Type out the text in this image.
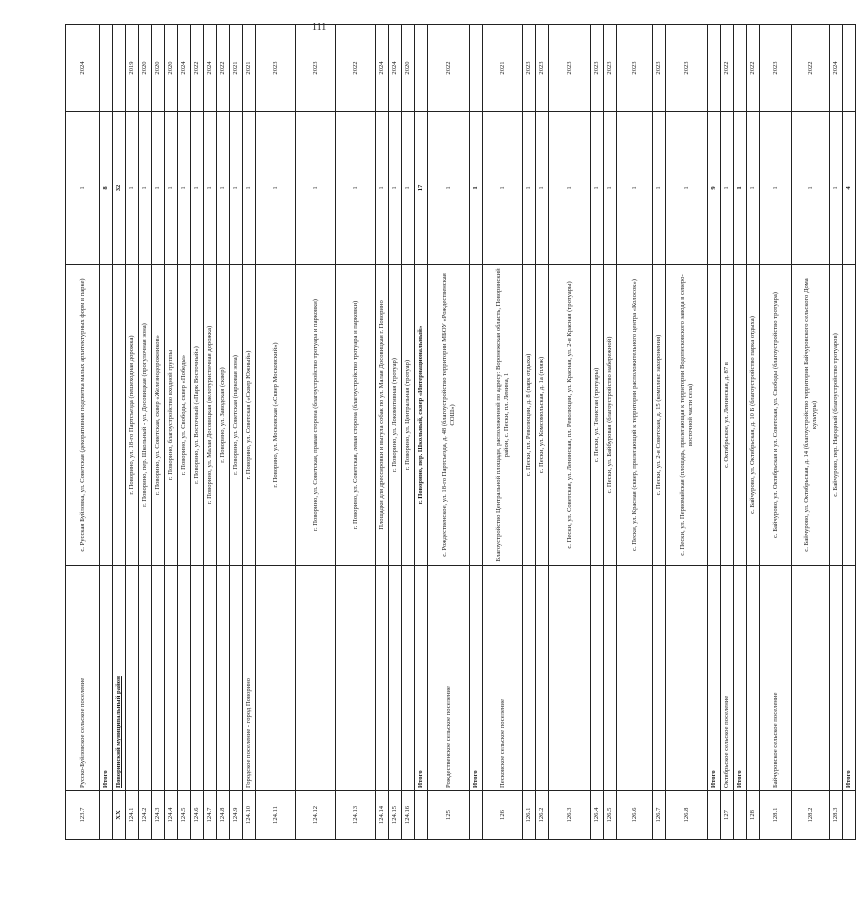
111
123.7	Русско-Буйловское сельское поселение	с. Русская Буйловка, ул. Советская (декоративная подсветка малых архитектурных форм в парке)	1	2024
	Итого		8	
XX	Поворинский муниципальный район		32	
124.1		г. Поворино, ул. 18-го Партсъезда (пешеходная дорожка)	1	2019
124.2		г. Поворино, пер. Школьный - ул. Досовицкая (прогулочная зона)	1	2020
124.3		г. Поворино, ул. Советская, сквер «Железнодорожников»	1	2020
124.4		г. Поворино, благоустройство входной группы	1	2020
124.5		г. Поворино, ул. Свободы, сквер «Победы»	1	2024
124.6		г. Поворино, ул. Восточный («Парк Восточный»)	1	2022
124.7		г. Поворино, ул. Малая Досовицкая (велотуристичная дорожка)	1	2024
124.8		г. Поворино, ул. Заводская (сквер)	1	2022
124.9		г. Поворино, ул. Советская (парковая зона)	1	2021
124.10	Городское поселение - город Поворино	г. Поворино, ул. Советская («Сквер Южный»)	1	2021
124.11		г. Поворино, ул. Московская («Сквер Московский»)	1	2023
124.12		г. Поворино, ул. Советская, правая сторона (благоустройство тротуара и парковки)	1	2023
124.13		г. Поворино, ул. Советская, левая сторона (благоустройство тротуара и парковки)	1	2022
124.14		Площадки для дрессировки и выгула собак по ул. Малая Досовицкая г. Поворино	1	2024
124.15		г. Поворино, ул. Локомотивная (тротуар)	1	2024
124.16		г. Поворино, ул. Центральная (тротуар)	1	2020
	Итого	г. Поворино, пер. Школьный, сквер «Интернациональный»	17	
125	Рождественское сельское поселение	с. Рождественское, ул. 18-го Партсъезда, д. 48 (благоустройство территории МБОУ «Рождественская СОШ»)	1	2022
	Итого		1	
126	Песковское сельское поселение	Благоустройство Центральной площади, расположенной по адресу: Воронежская область, Поворинский район, с. Пески, пл. Ленина, 1	1	2021
126.1		с. Пески, пл. Революции, д. 8 (парк отдыха)	1	2023
126.2		с. Пески, ул. Комсомольская, д. 1а (пляж)	1	2023
126.3		с. Пески, ул. Советская, ул. Ленинская, пл. Революции, ул. Красная, ул. 2-я Красная (тротуары)	1	2023
126.4		с. Пески, ул. Тенистая (тротуары)	1	2023
126.5		с. Пески, ул. Байбуровая (благоустройство набережной)	1	2023
126.6		с. Пески, ул. Красная (сквер, прилегающий к территории расположительного центра «Колосок»)	1	2023
126.7		с. Пески, ул. 2-я Советская, д. 15 (комплекс захоронения)	1	2023
126.8		с. Пески, ул. Первомайская (площадь, прилегающая к территории Водопесковского завода в северо-восточной части села)	1	2023
	Итого		9	
127	Октябрьское сельское поселение	с. Октябрьское, ул. Ленинская, д. 87 в	1	2022
	Итого		1	
128		с. Байчурово, ул. Октябрьская, д. 10 Б (благоустройство парка отдыха)	1	2022
128.1	Байчуровское сельское поселение	с. Байчурово, ул. Октябрьская и ул. Советская, ул. Свободы (благоустройство тротуара)	1	2023
128.2		с. Байчурово, ул. Октябрьская, д. 14 (благоустройство территории Байчуровского сельского Дома культуры)	1	2022
128.3		с. Байчурово, пер. Народный (благоустройство тротуаров)	1	2024
	Итого		4	
